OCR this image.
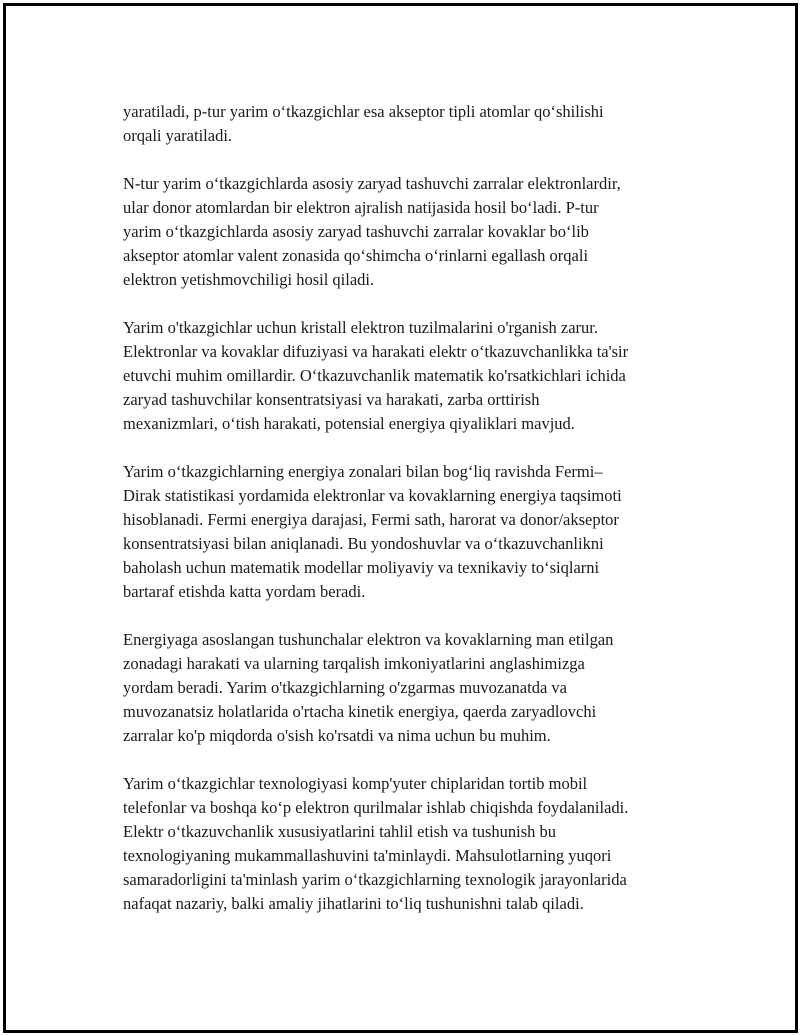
yaratiladi, p-tur yarim o‘tkazgichlar esa akseptor tipli atomlar qo‘shilishi
orqali yaratiladi.

N-tur yarim o‘tkazgichlarda asosiy zaryad tashuvchi zarralar elektronlardir,
ular donor atomlardan bir elektron ajralish natijasida hosil bo‘ladi. P-tur
yarim o‘tkazgichlarda asosiy zaryad tashuvchi zarralar kovaklar bo‘lib
akseptor atomlar valent zonasida qo‘shimcha o‘rinlarni egallash orqali
elektron yetishmovchiligi hosil qiladi.

Yarim o'tkazgichlar uchun kristall elektron tuzilmalarini o'rganish zarur.
Elektronlar va kovaklar difuziyasi va harakati elektr o‘tkazuvchanlikka ta'sir
etuvchi muhim omillardir. O‘tkazuvchanlik matematik ko'rsatkichlari ichida
zaryad tashuvchilar konsentratsiyasi va harakati, zarba orttirish
mexanizmlari, o‘tish harakati, potensial energiya qiyaliklari mavjud.

Yarim o‘tkazgichlarning energiya zonalari bilan bog‘liq ravishda Fermi–
Dirak statistikasi yordamida elektronlar va kovaklarning energiya taqsimoti
hisoblanadi. Fermi energiya darajasi, Fermi sath, harorat va donor/akseptor
konsentratsiyasi bilan aniqlanadi. Bu yondoshuvlar va o‘tkazuvchanlikni
baholash uchun matematik modellar moliyaviy va texnikaviy to‘siqlarni
bartaraf etishda katta yordam beradi.

Energiyaga asoslangan tushunchalar elektron va kovaklarning man etilgan
zonadagi harakati va ularning tarqalish imkoniyatlarini anglashimizga
yordam beradi. Yarim o'tkazgichlarning o'zgarmas muvozanatda va
muvozanatsiz holatlarida o'rtacha kinetik energiya, qaerda zaryadlovchi
zarralar ko'p miqdorda o'sish ko'rsatdi va nima uchun bu muhim.

Yarim o‘tkazgichlar texnologiyasi komp'yuter chiplaridan tortib mobil
telefonlar va boshqa ko‘p elektron qurilmalar ishlab chiqishda foydalaniladi.
Elektr o‘tkazuvchanlik xususiyatlarini tahlil etish va tushunish bu
texnologiyaning mukammallashuvini ta'minlaydi. Mahsulotlarning yuqori
samaradorligini ta'minlash yarim o‘tkazgichlarning texnologik jarayonlarida
nafaqat nazariy, balki amaliy jihatlarini to‘liq tushunishni talab qiladi.
